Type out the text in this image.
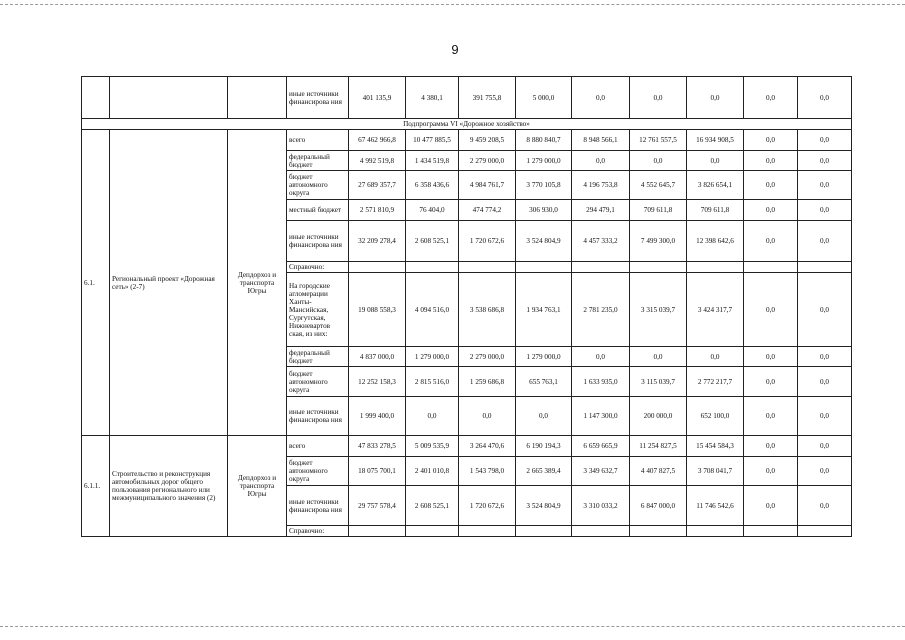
9
			иные источники финансирова ния	401 135,9	4 380,1	391 755,8	5 000,0	0,0	0,0	0,0	0,0	0,0
Подпрограмма VI «Дорожное хозяйство»												
6.1.	Региональный проект «Дорожная сеть» (2-7)	Депдорхоз и транспорта Югры	всего	67 462 966,8	10 477 885,5	9 459 208,5	8 880 840,7	8 948 566,1	12 761 557,5	16 934 908,5	0,0	0,0
			федеральный бюджет	4 992 519,8	1 434 519,8	2 279 000,0	1 279 000,0	0,0	0,0	0,0	0,0	0,0
			бюджет автономного округа	27 689 357,7	6 358 436,6	4 984 761,7	3 770 105,8	4 196 753,8	4 552 645,7	3 826 654,1	0,0	0,0
			местный бюджет	2 571 810,9	76 404,0	474 774,2	306 930,0	294 479,1	709 611,8	709 611,8	0,0	0,0
			иные источники финансирова ния	32 209 278,4	2 608 525,1	1 720 672,6	3 524 804,9	4 457 333,2	7 499 300,0	12 398 642,6	0,0	0,0
			Справочно:									
			На городские агломерации Ханты-Мансийская, Сургутская, Нижневартов ская, из них:	19 088 558,3	4 094 516,0	3 538 686,8	1 934 763,1	2 781 235,0	3 315 039,7	3 424 317,7	0,0	0,0
			федеральный бюджет	4 837 000,0	1 279 000,0	2 279 000,0	1 279 000,0	0,0	0,0	0,0	0,0	0,0
			бюджет автономного округа	12 252 158,3	2 815 516,0	1 259 686,8	655 763,1	1 633 935,0	3 115 039,7	2 772 217,7	0,0	0,0
			иные источники финансирова ния	1 999 400,0	0,0	0,0	0,0	1 147 300,0	200 000,0	652 100,0	0,0	0,0
6.1.1.	Строительство и реконструкция автомобильных дорог общего пользования регионального или межмуниципального значения (2)	Депдорхоз и транспорта Югры	всего	47 833 278,5	5 009 535,9	3 264 470,6	6 190 194,3	6 659 665,9	11 254 827,5	15 454 584,3	0,0	0,0
			бюджет автономного округа	18 075 700,1	2 401 010,8	1 543 798,0	2 665 389,4	3 349 632,7	4 407 827,5	3 708 041,7	0,0	0,0
			иные источники финансирова ния	29 757 578,4	2 608 525,1	1 720 672,6	3 524 804,9	3 310 033,2	6 847 000,0	11 746 542,6	0,0	0,0
			Справочно:									
